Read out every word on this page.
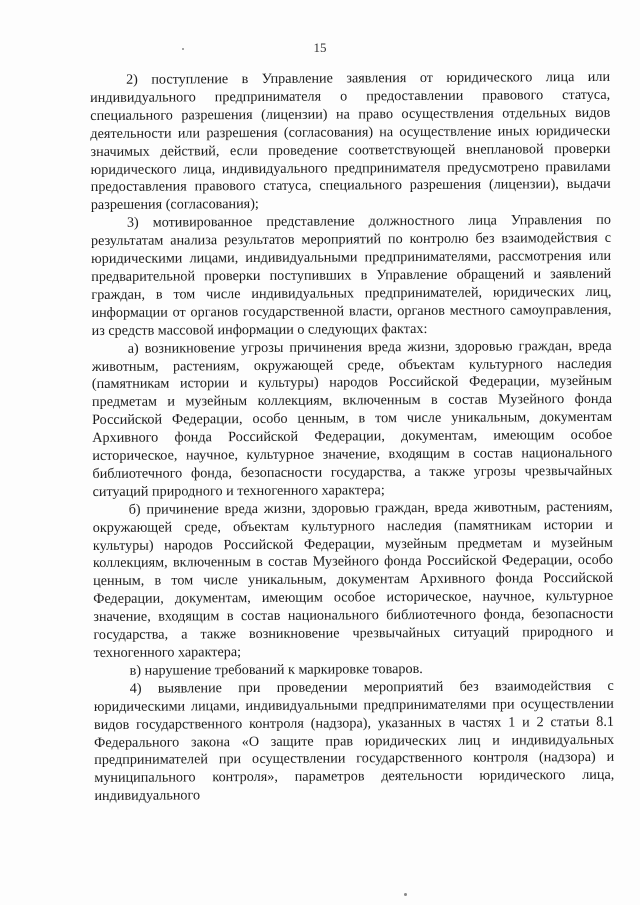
15

2) поступление в Управление заявления от юридического лица или индивидуального предпринимателя о предоставлении правового статуса, специального разрешения (лицензии) на право осуществления отдельных видов деятельности или разрешения (согласования) на осуществление иных юридически значимых действий, если проведение соответствующей внеплановой проверки юридического лица, индивидуального предпринимателя предусмотрено правилами предоставления правового статуса, специального разрешения (лицензии), выдачи разрешения (согласования);

3) мотивированное представление должностного лица Управления по результатам анализа результатов мероприятий по контролю без взаимодействия с юридическими лицами, индивидуальными предпринимателями, рассмотрения или предварительной проверки поступивших в Управление обращений и заявлений граждан, в том числе индивидуальных предпринимателей, юридических лиц, информации от органов государственной власти, органов местного самоуправления, из средств массовой информации о следующих фактах:

а) возникновение угрозы причинения вреда жизни, здоровью граждан, вреда животным, растениям, окружающей среде, объектам культурного наследия (памятникам истории и культуры) народов Российской Федерации, музейным предметам и музейным коллекциям, включенным в состав Музейного фонда Российской Федерации, особо ценным, в том числе уникальным, документам Архивного фонда Российской Федерации, документам, имеющим особое историческое, научное, культурное значение, входящим в состав национального библиотечного фонда, безопасности государства, а также угрозы чрезвычайных ситуаций природного и техногенного характера;

б) причинение вреда жизни, здоровью граждан, вреда животным, растениям, окружающей среде, объектам культурного наследия (памятникам истории и культуры) народов Российской Федерации, музейным предметам и музейным коллекциям, включенным в состав Музейного фонда Российской Федерации, особо ценным, в том числе уникальным, документам Архивного фонда Российской Федерации, документам, имеющим особое историческое, научное, культурное значение, входящим в состав национального библиотечного фонда, безопасности государства, а также возникновение чрезвычайных ситуаций природного и техногенного характера;

в) нарушение требований к маркировке товаров.

4) выявление при проведении мероприятий без взаимодействия с юридическими лицами, индивидуальными предпринимателями при осуществлении видов государственного контроля (надзора), указанных в частях 1 и 2 статьи 8.1 Федерального закона «О защите прав юридических лиц и индивидуальных предпринимателей при осуществлении государственного контроля (надзора) и муниципального контроля», параметров деятельности юридического лица, индивидуального
